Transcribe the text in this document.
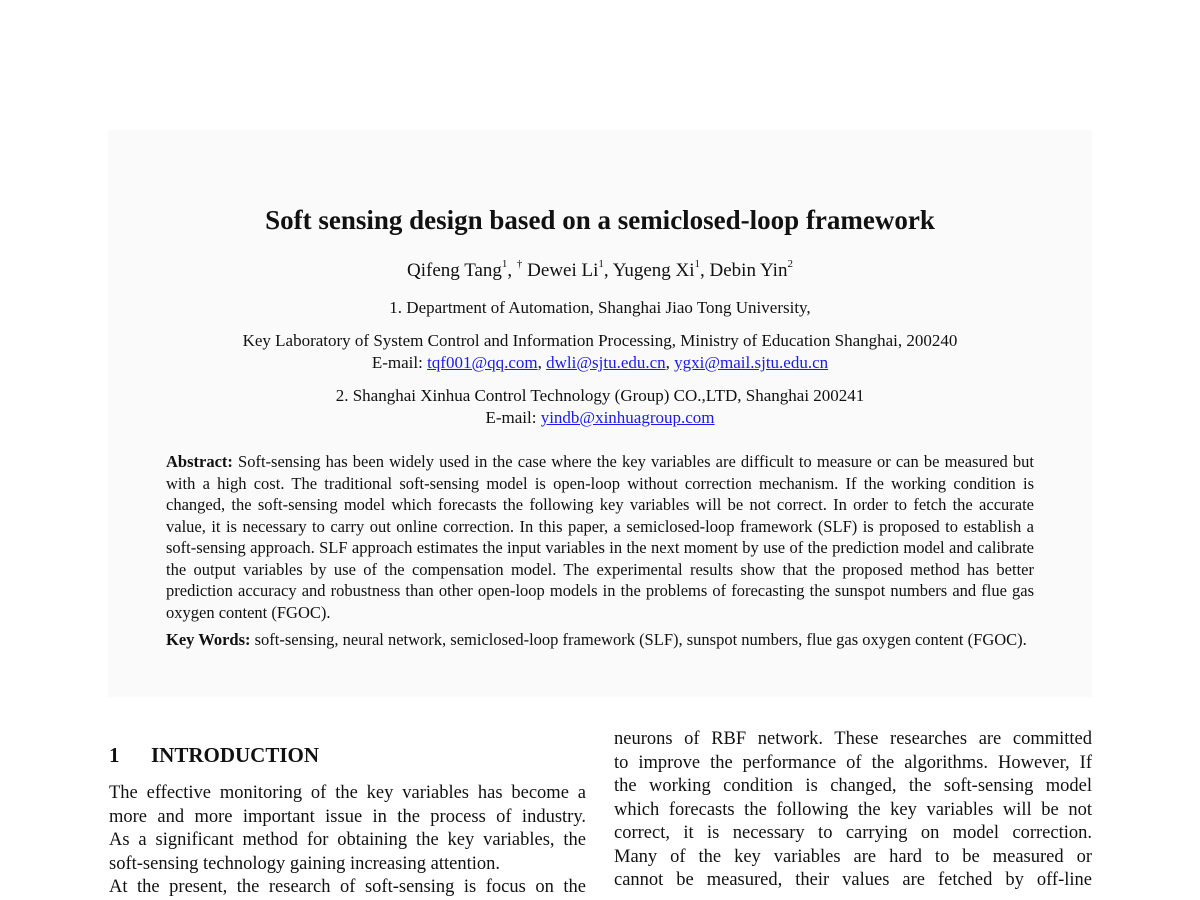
Soft sensing design based on a semiclosed-loop framework
Qifeng Tang$^1$, † Dewei Li$^1$, Yugeng Xi$^1$, Debin Yin$^2$
1. Department of Automation, Shanghai Jiao Tong University,
Key Laboratory of System Control and Information Processing, Ministry of Education Shanghai, 200240
E-mail: tqf001@qq.com, dwli@sjtu.edu.cn, ygxi@mail.sjtu.edu.cn
2. Shanghai Xinhua Control Technology (Group) CO.,LTD, Shanghai 200241
E-mail: yindb@xinhuagroup.com

Abstract: Soft-sensing has been widely used in the case where the key variables are difficult to measure or can be measured but with a high cost. The traditional soft-sensing model is open-loop without correction mechanism. If the working condition is changed, the soft-sensing model which forecasts the following key variables will be not correct. In order to fetch the accurate value, it is necessary to carry out online correction. In this paper, a semiclosed-loop framework (SLF) is proposed to establish a soft-sensing approach. SLF approach estimates the input variables in the next moment by use of the prediction model and calibrate the output variables by use of the compensation model. The experimental results show that the proposed method has better prediction accuracy and robustness than other open-loop models in the problems of forecasting the sunspot numbers and flue gas oxygen content (FGOC).

Key Words: soft-sensing, neural network, semiclosed-loop framework (SLF), sunspot numbers, flue gas oxygen content (FGOC).

1 INTRODUCTION
The effective monitoring of the key variables has become a
more and more important issue in the process of industry.
As a significant method for obtaining the key variables, the
soft-sensing technology gaining increasing attention.
At the present, the research of soft-sensing is focus on the
neurons of RBF network. These researches are committed
to improve the performance of the algorithms. However, If
the working condition is changed, the soft-sensing model
which forecasts the following the key variables will be not
correct, it is necessary to carrying on model correction.
Many of the key variables are hard to be measured or
cannot be measured, their values are fetched by off-line
